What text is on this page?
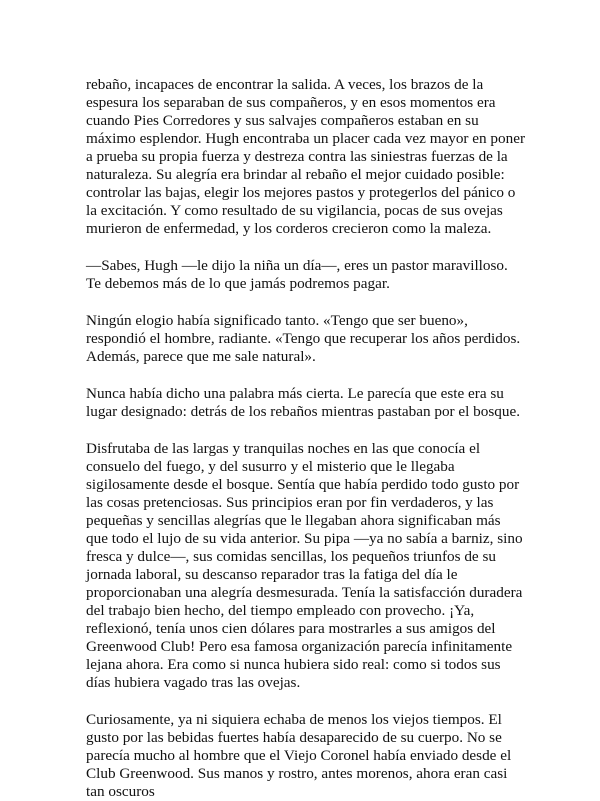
rebaño, incapaces de encontrar la salida. A veces, los brazos de la espesura los separaban de sus compañeros, y en esos momentos era cuando Pies Corredores y sus salvajes compañeros estaban en su máximo esplendor. Hugh encontraba un placer cada vez mayor en poner a prueba su propia fuerza y destreza contra las siniestras fuerzas de la naturaleza. Su alegría era brindar al rebaño el mejor cuidado posible: controlar las bajas, elegir los mejores pastos y protegerlos del pánico o la excitación. Y como resultado de su vigilancia, pocas de sus ovejas murieron de enfermedad, y los corderos crecieron como la maleza.

—Sabes, Hugh —le dijo la niña un día—, eres un pastor maravilloso. Te debemos más de lo que jamás podremos pagar.

Ningún elogio había significado tanto. «Tengo que ser bueno», respondió el hombre, radiante. «Tengo que recuperar los años perdidos. Además, parece que me sale natural».

Nunca había dicho una palabra más cierta. Le parecía que este era su lugar designado: detrás de los rebaños mientras pastaban por el bosque.

Disfrutaba de las largas y tranquilas noches en las que conocía el consuelo del fuego, y del susurro y el misterio que le llegaba sigilosamente desde el bosque. Sentía que había perdido todo gusto por las cosas pretenciosas. Sus principios eran por fin verdaderos, y las pequeñas y sencillas alegrías que le llegaban ahora significaban más que todo el lujo de su vida anterior. Su pipa —ya no sabía a barniz, sino fresca y dulce—, sus comidas sencillas, los pequeños triunfos de su jornada laboral, su descanso reparador tras la fatiga del día le proporcionaban una alegría desmesurada. Tenía la satisfacción duradera del trabajo bien hecho, del tiempo empleado con provecho. ¡Ya, reflexionó, tenía unos cien dólares para mostrarles a sus amigos del Greenwood Club! Pero esa famosa organización parecía infinitamente lejana ahora. Era como si nunca hubiera sido real: como si todos sus días hubiera vagado tras las ovejas.

Curiosamente, ya ni siquiera echaba de menos los viejos tiempos. El gusto por las bebidas fuertes había desaparecido de su cuerpo. No se parecía mucho al hombre que el Viejo Coronel había enviado desde el Club Greenwood. Sus manos y rostro, antes morenos, ahora eran casi tan oscuros
